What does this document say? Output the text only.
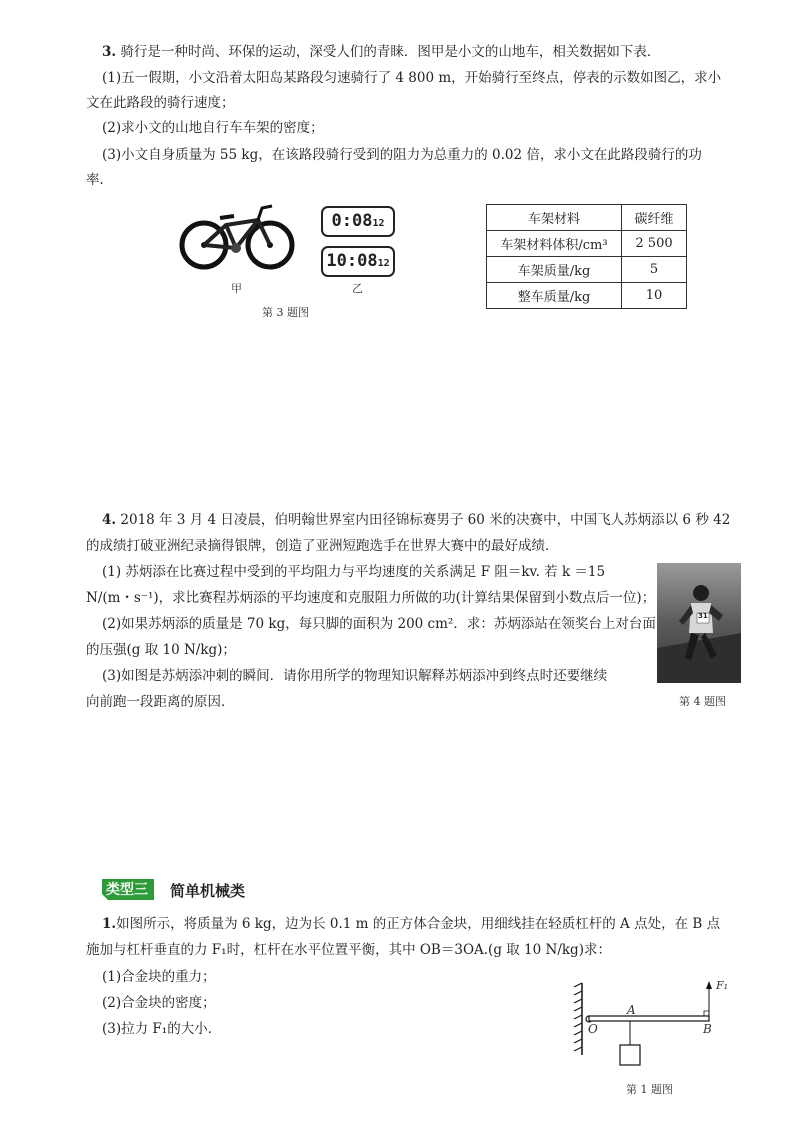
3. 骑行是一种时尚、环保的运动，深受人们的青睐．图甲是小文的山地车，相关数据如下表．
(1)五一假期，小文沿着太阳岛某路段匀速骑行了 4 800 m，开始骑行至终点，停表的示数如图乙，求小
文在此路段的骑行速度；
(2)求小文的山地自行车车架的密度；
(3)小文自身质量为 55 kg，在该路段骑行受到的阻力为总重力的 0.02 倍，求小文在此路段骑行的功
率．
甲
0:0812
10:0812
乙
第 3 题图
车架材料	碳纤维
车架材料体积/cm³	2 500
车架质量/kg	5
整车质量/kg	10
4. 2018 年 3 月 4 日凌晨，伯明翰世界室内田径锦标赛男子 60 米的决赛中，中国飞人苏炳添以 6 秒 42
的成绩打破亚洲纪录摘得银牌，创造了亚洲短跑选手在世界大赛中的最好成绩．
(1) 苏炳添在比赛过程中受到的平均阻力与平均速度的关系满足 F 阻＝kv. 若 k ＝15
N/(m・s⁻¹)，求比赛程苏炳添的平均速度和克服阻力所做的功(计算结果保留到小数点后一位)；
(2)如果苏炳添的质量是 70 kg，每只脚的面积为 200 cm²．求：苏炳添站在领奖台上对台面
的压强(g 取 10 N/kg)；
(3)如图是苏炳添冲刺的瞬间．请你用所学的物理知识解释苏炳添冲到终点时还要继续
向前跑一段距离的原因．
31
第 4 题图
类型三 简单机械类
1.如图所示，将质量为 6 kg，边为长 0.1 m 的正方体合金块，用细线挂在轻质杠杆的 A 点处，在 B 点
施加与杠杆垂直的力 F₁时，杠杆在水平位置平衡，其中 OB＝3OA.(g 取 10 N/kg)求：
(1)合金块的重力；
(2)合金块的密度；
(3)拉力 F₁的大小．
F₁
A
O	B
第 1 题图
